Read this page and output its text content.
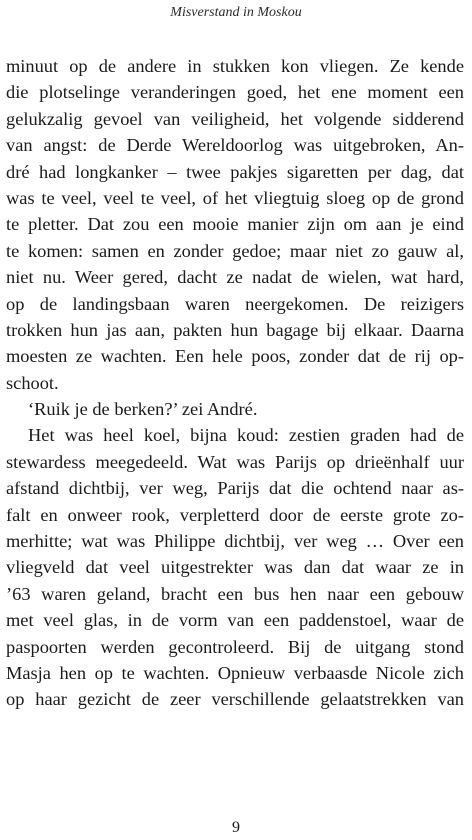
Misverstand in Moskou
minuut op de andere in stukken kon vliegen. Ze kende
die plotselinge veranderingen goed, het ene moment een
gelukzalig gevoel van veiligheid, het volgende sidderend
van angst: de Derde Wereldoorlog was uitgebroken, An-
dré had longkanker – twee pakjes sigaretten per dag, dat
was te veel, veel te veel, of het vliegtuig sloeg op de grond
te pletter. Dat zou een mooie manier zijn om aan je eind
te komen: samen en zonder gedoe; maar niet zo gauw al,
niet nu. Weer gered, dacht ze nadat de wielen, wat hard,
op de landingsbaan waren neergekomen. De reizigers
trokken hun jas aan, pakten hun bagage bij elkaar. Daarna
moesten ze wachten. Een hele poos, zonder dat de rij op-
schoot.
‘Ruik je de berken?’ zei André.
Het was heel koel, bijna koud: zestien graden had de
stewardess meegedeeld. Wat was Parijs op drieënhalf uur
afstand dichtbij, ver weg, Parijs dat die ochtend naar as-
falt en onweer rook, verpletterd door de eerste grote zo-
merhitte; wat was Philippe dichtbij, ver weg … Over een
vliegveld dat veel uitgestrekter was dan dat waar ze in
’63 waren geland, bracht een bus hen naar een gebouw
met veel glas, in de vorm van een paddenstoel, waar de
paspoorten werden gecontroleerd. Bij de uitgang stond
Masja hen op te wachten. Opnieuw verbaasde Nicole zich
op haar gezicht de zeer verschillende gelaatstrekken van
9
